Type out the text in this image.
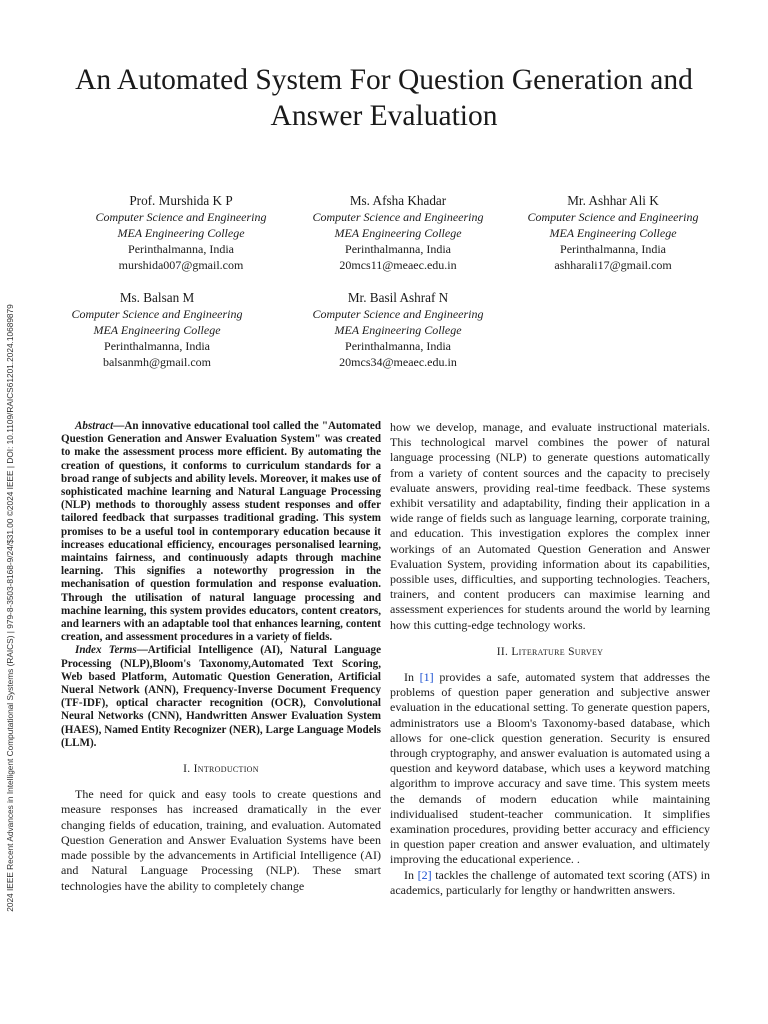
2024 IEEE Recent Advances in Intelligent Computational Systems (RAICS) | 979-8-3503-8168-9/24/$31.00 ©2024 IEEE | DOI: 10.1109/RAICS61201.2024.10689879
An Automated System For Question Generation and Answer Evaluation
Prof. Murshida K P
Computer Science and Engineering
MEA Engineering College
Perinthalmanna, India
murshida007@gmail.com
Ms. Afsha Khadar
Computer Science and Engineering
MEA Engineering College
Perinthalmanna, India
20mcs11@meaec.edu.in
Mr. Ashhar Ali K
Computer Science and Engineering
MEA Engineering College
Perinthalmanna, India
ashharali17@gmail.com
Ms. Balsan M
Computer Science and Engineering
MEA Engineering College
Perinthalmanna, India
balsanmh@gmail.com
Mr. Basil Ashraf N
Computer Science and Engineering
MEA Engineering College
Perinthalmanna, India
20mcs34@meaec.edu.in

Abstract—An innovative educational tool called the "Automated Question Generation and Answer Evaluation System" was created to make the assessment process more efficient. By automating the creation of questions, it conforms to curriculum standards for a broad range of subjects and ability levels. Moreover, it makes use of sophisticated machine learning and Natural Language Processing (NLP) methods to thoroughly assess student responses and offer tailored feedback that surpasses traditional grading. This system promises to be a useful tool in contemporary education because it increases educational efficiency, encourages personalised learning, maintains fairness, and continuously adapts through machine learning. This signifies a noteworthy progression in the mechanisation of question formulation and response evaluation. Through the utilisation of natural language processing and machine learning, this system provides educators, content creators, and learners with an adaptable tool that enhances learning, content creation, and assessment procedures in a variety of fields.

Index Terms—Artificial Intelligence (AI), Natural Language Processing (NLP),Bloom's Taxonomy,Automated Text Scoring, Web based Platform, Automatic Question Generation, Artificial Nueral Network (ANN), Frequency-Inverse Document Frequency (TF-IDF), optical character recognition (OCR), Convolutional Neural Networks (CNN), Handwritten Answer Evaluation System (HAES), Named Entity Recognizer (NER), Large Language Models (LLM).

I. Introduction

The need for quick and easy tools to create questions and measure responses has increased dramatically in the ever changing fields of education, training, and evaluation. Automated Question Generation and Answer Evaluation Systems have been made possible by the advancements in Artificial Intelligence (AI) and Natural Language Processing (NLP). These smart technologies have the ability to completely change

how we develop, manage, and evaluate instructional materials. This technological marvel combines the power of natural language processing (NLP) to generate questions automatically from a variety of content sources and the capacity to precisely evaluate answers, providing real-time feedback. These systems exhibit versatility and adaptability, finding their application in a wide range of fields such as language learning, corporate training, and education. This investigation explores the complex inner workings of an Automated Question Generation and Answer Evaluation System, providing information about its capabilities, possible uses, difficulties, and supporting technologies. Teachers, trainers, and content producers can maximise learning and assessment experiences for students around the world by learning how this cutting-edge technology works.

II. Literature Survey

In [1] provides a safe, automated system that addresses the problems of question paper generation and subjective answer evaluation in the educational setting. To generate question papers, administrators use a Bloom's Taxonomy-based database, which allows for one-click question generation. Security is ensured through cryptography, and answer evaluation is automated using a question and keyword database, which uses a keyword matching algorithm to improve accuracy and save time. This system meets the demands of modern education while maintaining individualised student-teacher communication. It simplifies examination procedures, providing better accuracy and efficiency in question paper creation and answer evaluation, and ultimately improving the educational experience. .

In [2] tackles the challenge of automated text scoring (ATS) in academics, particularly for lengthy or handwritten answers.
